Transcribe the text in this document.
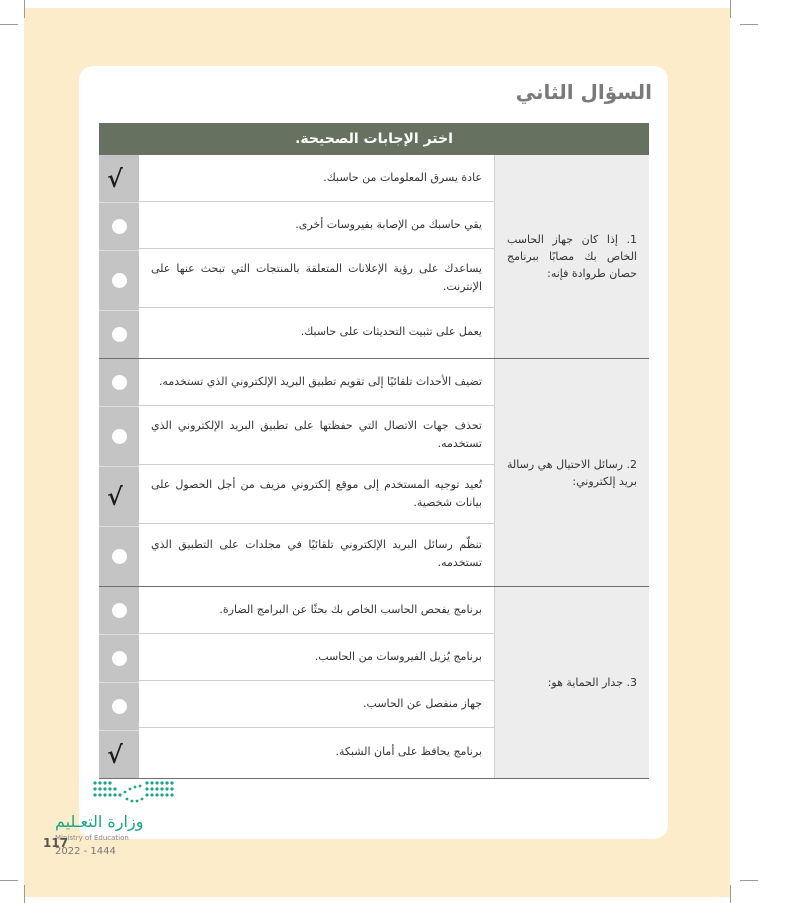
السؤال الثاني
اختر الإجابات الصحيحة.
√	عادة يسرق المعلومات من حاسبك.
يقي حاسبك من الإصابة بفيروسات أخرى.
يساعدك على رؤية الإعلانات المتعلقة بالمنتجات التي تبحث عنها على الإنترنت.
يعمل على تثبيت التحديثات على حاسبك.
1. إذا كان جهاز الحاسب الخاص بك مصابًا ببرنامج حصان طروادة فإنه:
√
تضيف الأحداث تلقائيًا إلى تقويم تطبيق البريد الإلكتروني الذي تستخدمه.
تحذف جهات الاتصال التي حفظتها على تطبيق البريد الإلكتروني الذي تستخدمه.
تُعيد توجيه المستخدم إلى موقع إلكتروني مزيف من أجل الحصول على بيانات شخصية.
تنظّم رسائل البريد الإلكتروني تلقائيًا في مجلدات على التطبيق الذي تستخدمه.
2. رسائل الاحتيال هي رسالة بريد إلكتروني:
√
برنامج يفحص الحاسب الخاص بك بحثًا عن البرامج الضارة.
برنامج يُزيل الفيروسات من الحاسب.
جهاز منفصل عن الحاسب.
برنامج يحافظ على أمان الشبكة.
3. جدار الحماية هو:
وزارة التعـليم
Ministry of Education
117
2022 - 1444
